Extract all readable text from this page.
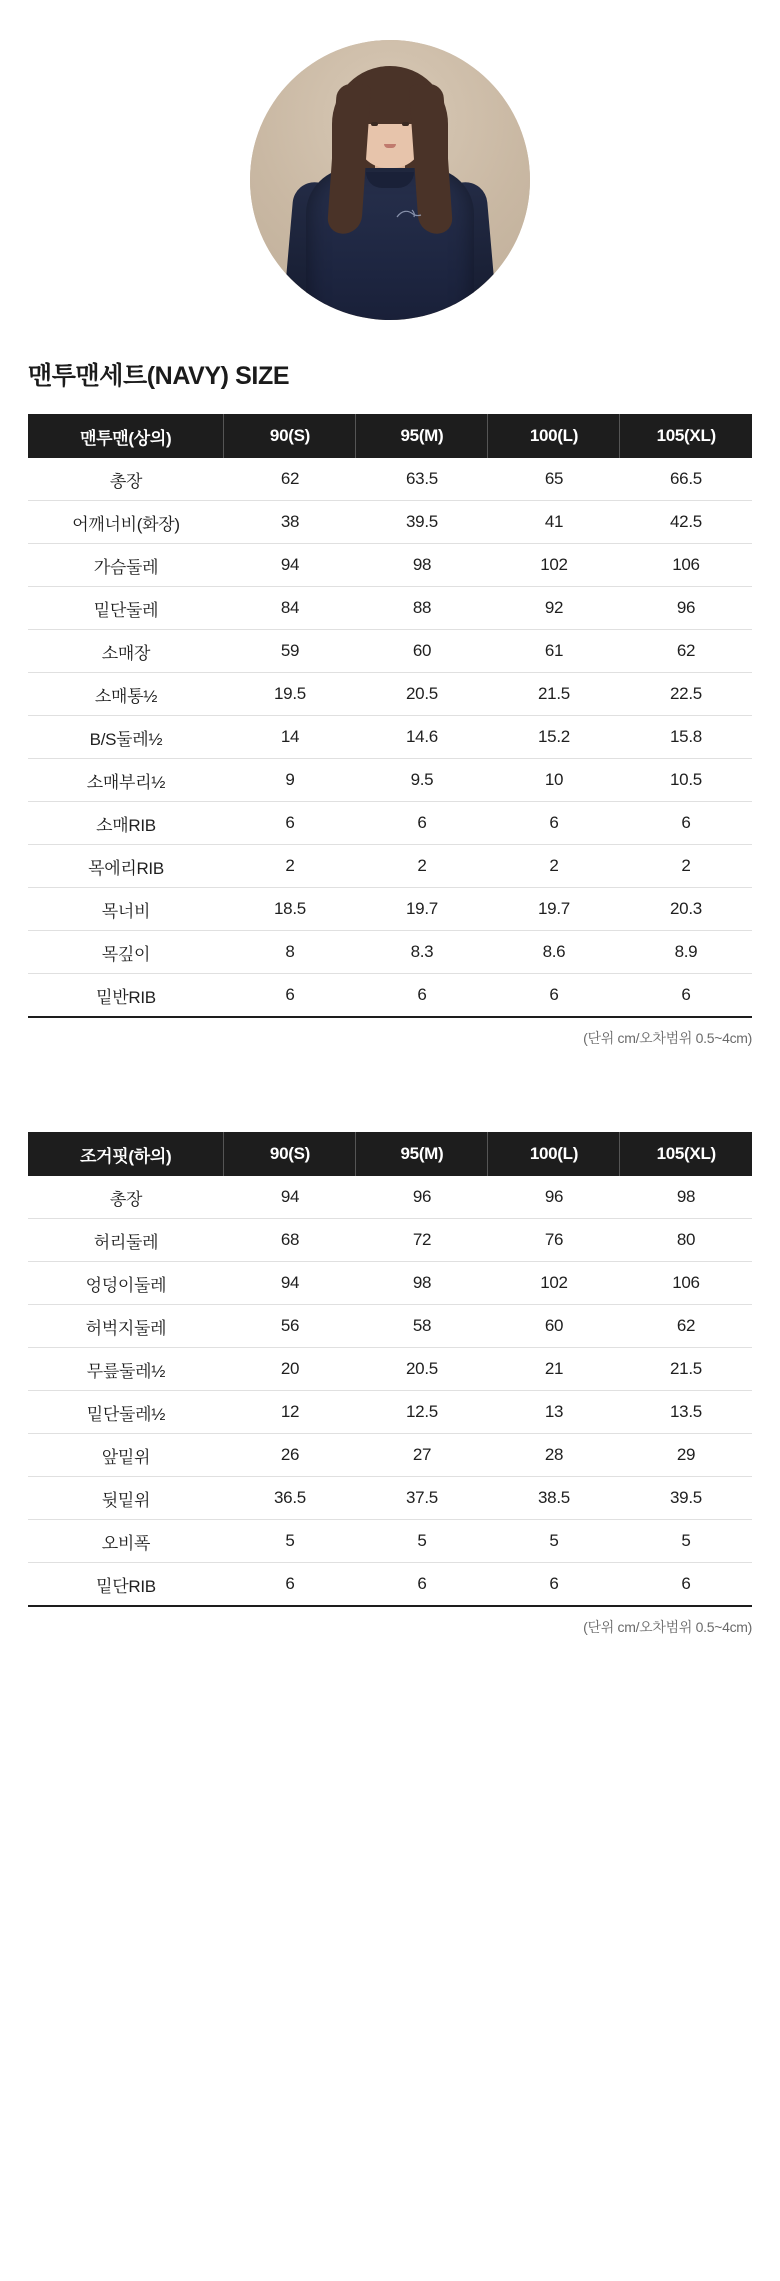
맨투맨세트(NAVY) SIZE
맨투맨(상의)	90(S)	95(M)	100(L)	105(XL)
총장	62	63.5	65	66.5
어깨너비(화장)	38	39.5	41	42.5
가슴둘레	94	98	102	106
밑단둘레	84	88	92	96
소매장	59	60	61	62
소매통½	19.5	20.5	21.5	22.5
B/S둘레½	14	14.6	15.2	15.8
소매부리½	9	9.5	10	10.5
소매RIB	6	6	6	6
목에리RIB	2	2	2	2
목너비	18.5	19.7	19.7	20.3
목깊이	8	8.3	8.6	8.9
밑반RIB	6	6	6	6
(단위 cm/오차범위 0.5~4cm)
조거핏(하의)	90(S)	95(M)	100(L)	105(XL)
총장	94	96	96	98
허리둘레	68	72	76	80
엉덩이둘레	94	98	102	106
허벅지둘레	56	58	60	62
무릎둘레½	20	20.5	21	21.5
밑단둘레½	12	12.5	13	13.5
앞밑위	26	27	28	29
뒷밑위	36.5	37.5	38.5	39.5
오비폭	5	5	5	5
밑단RIB	6	6	6	6
(단위 cm/오차범위 0.5~4cm)
